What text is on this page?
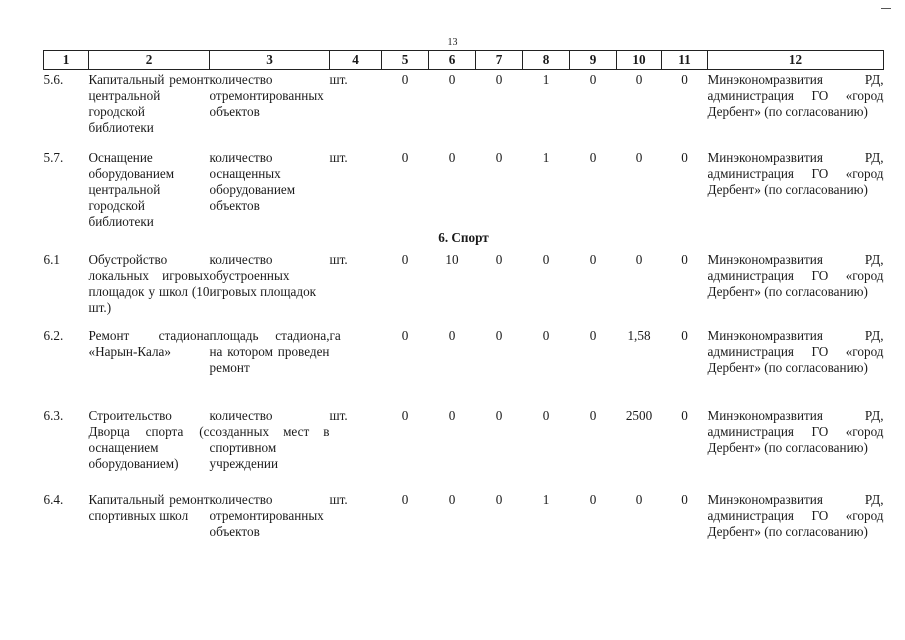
13
1	2	3	4	5	6	7	8	9	10	11	12
5.6.	Капитальный ремонт центральной городской библиотеки	количество отремонтированных объектов	шт.	0	0	0	1	0	0	0	Минэкономразвития РД, администрация ГО «город Дербент» (по согласованию)
5.7.	Оснащение оборудованием центральной городской библиотеки	количество оснащенных оборудованием объектов	шт.	0	0	0	1	0	0	0	Минэкономразвития РД, администрация ГО «город Дербент» (по согласованию)
6. Спорт											
6.1	Обустройство локальных игровых площадок у школ (10 шт.)	количество обустроенных игровых площадок	шт.	0	10	0	0	0	0	0	Минэкономразвития РД, администрация ГО «город Дербент» (по согласованию)
6.2.	Ремонт стадиона «Нарын-Кала»	площадь стадиона, на котором проведен ремонт	га	0	0	0	0	0	1,58	0	Минэкономразвития РД, администрация ГО «город Дербент» (по согласованию)
6.3.	Строительство Дворца спорта (с оснащением оборудованием)	количество созданных мест в спортивном учреждении	шт.	0	0	0	0	0	2500	0	Минэкономразвития РД, администрация ГО «город Дербент» (по согласованию)
6.4.	Капитальный ремонт спортивных школ	количество отремонтированных объектов	шт.	0	0	0	1	0	0	0	Минэкономразвития РД, администрация ГО «город Дербент» (по согласованию)
